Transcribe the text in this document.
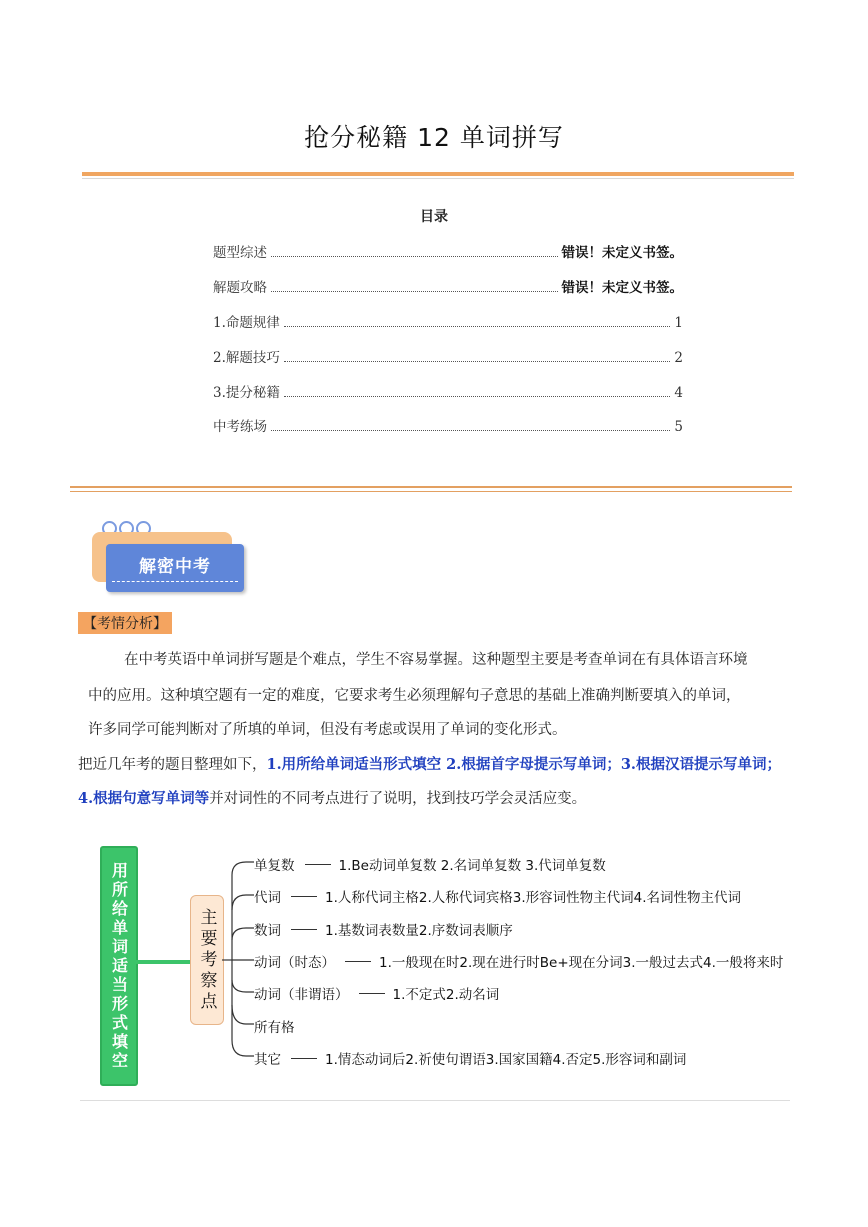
抢分秘籍 12 单词拼写
目录
题型综述	错误！未定义书签。
解题攻略	错误！未定义书签。
1.命题规律	1
2.解题技巧	2
3.提分秘籍	4
中考练场	5
解密中考
【考情分析】
在中考英语中单词拼写题是个难点，学生不容易掌握。这种题型主要是考查单词在有具体语言环境
中的应用。这种填空题有一定的难度，它要求考生必须理解句子意思的基础上准确判断要填入的单词，
许多同学可能判断对了所填的单词，但没有考虑或误用了单词的变化形式。
把近几年考的题目整理如下，1.用所给单词适当形式填空 2.根据首字母提示写单词；3.根据汉语提示写单词；
4.根据句意写单词等并对词性的不同考点进行了说明，找到技巧学会灵活应变。
用所给单词适当形式填空	主要考察点
单复数	1.Be动词单复数 2.名词单复数 3.代词单复数
代词	1.人称代词主格2.人称代词宾格3.形容词性物主代词4.名词性物主代词
数词	1.基数词表数量2.序数词表顺序
动词（时态）	1.一般现在时2.现在进行时Be+现在分词3.一般过去式4.一般将来时
动词（非谓语）	1.不定式2.动名词
所有格
其它	1.情态动词后2.祈使句谓语3.国家国籍4.否定5.形容词和副词
